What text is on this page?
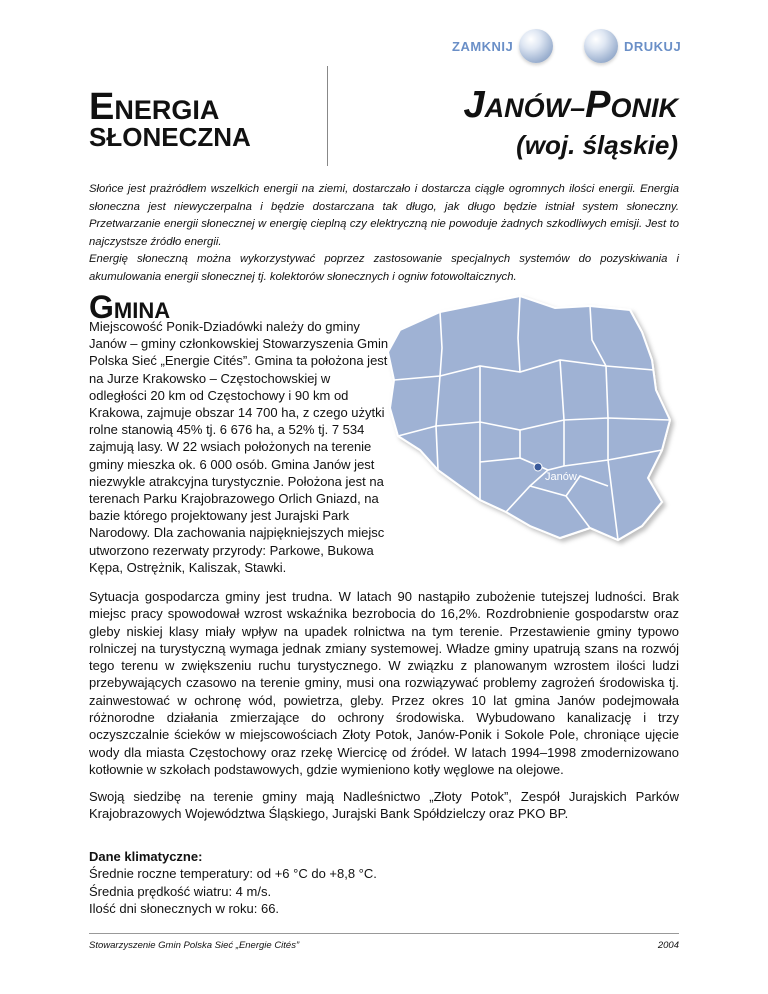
ZAMKNIJ	DRUKUJ
ENERGIA
SŁONECZNA
JANÓW–PONIK
(woj. śląskie)

Słońce jest prażródłem wszelkich energii na ziemi, dostarczało i dostarcza ciągle ogromnych ilości energii. Energia słoneczna jest niewyczerpalna i będzie dostarczana tak długo, jak długo będzie istniał system słoneczny. Przetwarzanie energii słonecznej w energię cieplną czy elektryczną nie powoduje żadnych szkodliwych emisji. Jest to najczystsze źródło energii.

Energię słoneczną można wykorzystywać poprzez zastosowanie specjalnych systemów do pozyskiwania i akumulowania energii słonecznej tj. kolektorów słonecznych i ogniw fotowoltaicznych.

GMINA
Miejscowość Ponik-Dziadówki należy do gminy Janów – gminy członkowskiej Stowarzyszenia Gmin Polska Sieć „Energie Cités”. Gmina ta położona jest na Jurze Krakowsko – Częstochowskiej w odległości 20 km od Częstochowy i 90 km od Krakowa, zajmuje obszar 14 700 ha, z czego użytki rolne stanowią 45% tj. 6 676 ha, a 52% tj. 7 534 zajmują lasy. W 22 wsiach położonych na terenie gminy mieszka ok. 6 000 osób. Gmina Janów jest niezwykle atrakcyjna turystycznie. Położona jest na terenach Parku Krajobrazowego Orlich Gniazd, na bazie którego projektowany jest Jurajski Park Narodowy. Dla zachowania najpiękniejszych miejsc utworzono rezerwaty przyrody: Parkowe, Bukowa Kępa, Ostrężnik, Kaliszak, Stawki.
Janów
Sytuacja gospodarcza gminy jest trudna. W latach 90 nastąpiło zubożenie tutejszej ludności. Brak miejsc pracy spowodował wzrost wskaźnika bezrobocia do 16,2%. Rozdrobnienie gospodarstw oraz gleby niskiej klasy miały wpływ na upadek rolnictwa na tym terenie. Przestawienie gminy typowo rolniczej na turystyczną wymaga jednak zmiany systemowej. Władze gminy upatrują szans na rozwój tego terenu w zwiększeniu ruchu turystycznego. W związku z planowanym wzrostem ilości ludzi przebywających czasowo na terenie gminy, musi ona rozwiązywać problemy zagrożeń środowiska tj. zainwestować w ochronę wód, powietrza, gleby. Przez okres 10 lat gmina Janów podejmowała różnorodne działania zmierzające do ochrony środowiska. Wybudowano kanalizację i trzy oczyszczalnie ścieków w miejscowościach Złoty Potok, Janów-Ponik i Sokole Pole, chroniące ujęcie wody dla miasta Częstochowy oraz rzekę Wiercicę od źródeł. W latach 1994–1998 zmodernizowano kotłownie w szkołach podstawowych, gdzie wymieniono kotły węglowe na olejowe.
Swoją siedzibę na terenie gminy mają Nadleśnictwo „Złoty Potok”, Zespół Jurajskich Parków Krajobrazowych Województwa Śląskiego, Jurajski Bank Spółdzielczy oraz PKO BP.
Dane klimatyczne:
Średnie roczne temperatury: od +6 °C do +8,8 °C.
Średnia prędkość wiatru: 4 m/s.
Ilość dni słonecznych w roku: 66.
Stowarzyszenie Gmin Polska Sieć „Energie Cités”	2004
